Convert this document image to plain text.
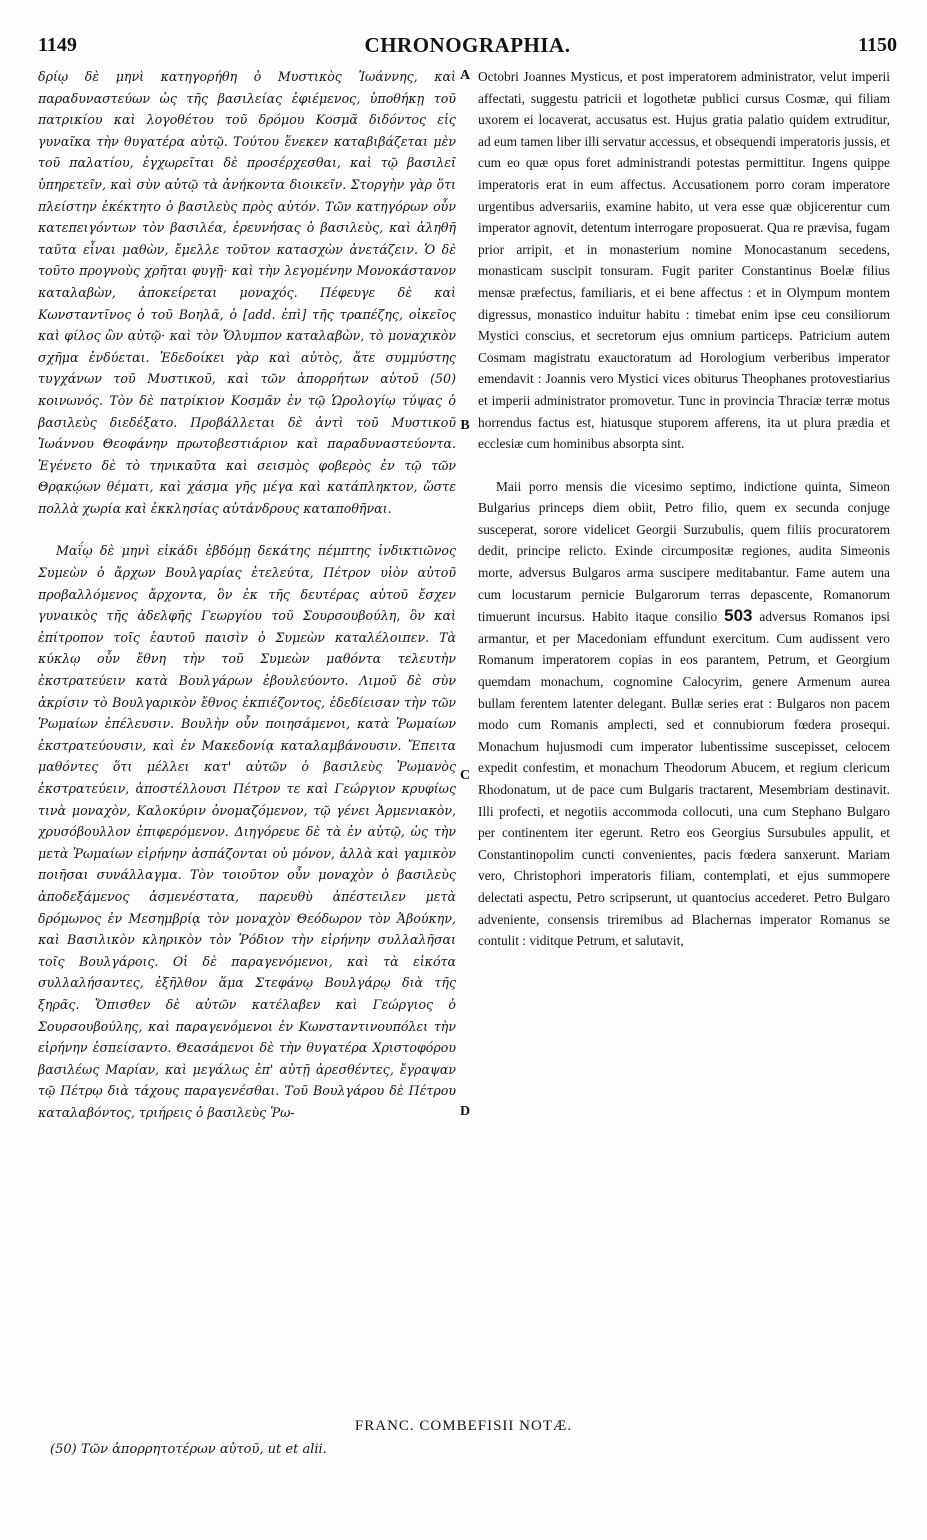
1149	CHRONOGRAPHIA.	1150

δρίῳ δὲ μηνὶ κατηγορήθη ὁ Μυστικὸς Ἰωάννης, καὶ παραδυναστεύων ὡς τῆς βασιλείας ἐφιέμενος, ὑποθήκῃ τοῦ πατρικίου καὶ λογοθέτου τοῦ δρόμου Κοσμᾶ διδόντος εἰς γυναῖκα τὴν θυγατέρα αὐτῷ. Τούτου ἕνεκεν καταβιβάζεται μὲν τοῦ παλατίου, ἐγχωρεῖται δὲ προσέρχεσθαι, καὶ τῷ βασιλεῖ ὑπηρετεῖν, καὶ σὺν αὐτῷ τὰ ἀνήκοντα διοικεῖν. Στοργὴν γὰρ ὅτι πλείστην ἐκέκτητο ὁ βασιλεὺς πρὸς αὐτόν. Τῶν κατηγόρων οὖν κατεπειγόντων τὸν βασιλέα, ἐρευνήσας ὁ βασιλεὺς, καὶ ἀληθῆ ταῦτα εἶναι μαθὼν, ἔμελλε τοῦτον κατασχὼν ἀνετάζειν. Ὁ δὲ τοῦτο προγνοὺς χρῆται φυγῇ· καὶ τὴν λεγομένην Μονοκάστανον καταλαβὼν, ἀποκείρεται μοναχός. Πέφευγε δὲ καὶ Κωνσταντῖνος ὁ τοῦ Βοηλᾶ, ὁ [add. ἐπὶ] τῆς τραπέζης, οἰκεῖος καὶ φίλος ὢν αὐτῷ· καὶ τὸν Ὄλυμπον καταλαβὼν, τὸ μοναχικὸν σχῆμα ἐνδύεται. Ἐδεδοίκει γὰρ καὶ αὐτὸς, ἅτε συμμύστης τυγχάνων τοῦ Μυστικοῦ, καὶ τῶν ἀπορρήτων αὐτοῦ (50) κοινωνός. Τὸν δὲ πατρίκιον Κοσμᾶν ἐν τῷ Ὡρολογίῳ τύψας ὁ βασιλεὺς διεδέξατο. Προβάλλεται δὲ ἀντὶ τοῦ Μυστικοῦ Ἰωάννου Θεοφάνην πρωτοβεστιάριον καὶ παραδυναστεύοντα. Ἐγένετο δὲ τὸ τηνικαῦτα καὶ σεισμὸς φοβερὸς ἐν τῷ τῶν Θρᾳκῴων θέματι, καὶ χάσμα γῆς μέγα καὶ κατάπληκτον, ὥστε πολλὰ χωρία καὶ ἐκκλησίας αὐτάνδρους καταποθῆναι.

Μαΐῳ δὲ μηνὶ εἰκάδι ἑβδόμῃ δεκάτης πέμπτης ἰνδικτιῶνος Συμεὼν ὁ ἄρχων Βουλγαρίας ἐτελεύτα, Πέτρον υἱὸν αὐτοῦ προβαλλόμενος ἄρχοντα, ὃν ἐκ τῆς δευτέρας αὐτοῦ ἔσχεν γυναικὸς τῆς ἀδελφῆς Γεωργίου τοῦ Σουρσουβούλη, ὃν καὶ ἐπίτροπον τοῖς ἑαυτοῦ παισὶν ὁ Συμεὼν καταλέλοιπεν. Τὰ κύκλῳ οὖν ἔθνη τὴν τοῦ Συμεὼν μαθόντα τελευτὴν ἐκστρατεύειν κατὰ Βουλγάρων ἐβουλεύοντο. Λιμοῦ δὲ σὺν ἀκρίσιν τὸ Βουλγαρικὸν ἔθνος ἐκπιέζοντος, ἐδεδίεισαν τὴν τῶν Ῥωμαίων ἐπέλευσιν. Βουλὴν οὖν ποιησάμενοι, κατὰ Ῥωμαίων ἐκστρατεύουσιν, καὶ ἐν Μακεδονίᾳ καταλαμβάνουσιν. Ἔπειτα μαθόντες ὅτι μέλλει κατ' αὐτῶν ὁ βασιλεὺς Ῥωμανὸς ἐκστρατεύειν, ἀποστέλλουσι Πέτρον τε καὶ Γεώργιον κρυφίως τινὰ μοναχὸν, Καλοκύριν ὀνομαζόμενον, τῷ γένει Ἀρμενιακὸν, χρυσόβουλλον ἐπιφερόμενον. Διηγόρευε δὲ τὰ ἐν αὐτῷ, ὡς τὴν μετὰ Ῥωμαίων εἰρήνην ἀσπάζονται οὐ μόνον, ἀλλὰ καὶ γαμικὸν ποιῆσαι συνάλλαγμα. Τὸν τοιοῦτον οὖν μοναχὸν ὁ βασιλεὺς ἀποδεξάμενος ἀσμενέστατα, παρευθὺ ἀπέστειλεν μετὰ δρόμωνος ἐν Μεσημβρίᾳ τὸν μοναχὸν Θεόδωρον τὸν Ἀβούκην, καὶ Βασιλικὸν κληρικὸν τὸν Ῥόδιον τὴν εἰρήνην συλλαλῆσαι τοῖς Βουλγάροις. Οἱ δὲ παραγενόμενοι, καὶ τὰ εἰκότα συλλαλήσαντες, ἐξῆλθον ἅμα Στεφάνῳ Βουλγάρῳ διὰ τῆς ξηρᾶς. Ὄπισθεν δὲ αὐτῶν κατέλαβεν καὶ Γεώργιος ὁ Σουρσουβούλης, καὶ παραγενόμενοι ἐν Κωνσταντινουπόλει τὴν εἰρήνην ἐσπείσαντο. Θεασάμενοι δὲ τὴν θυγατέρα Χριστοφόρου βασιλέως Μαρίαν, καὶ μεγάλως ἐπ' αὐτῇ ἀρεσθέντες, ἔγραψαν τῷ Πέτρῳ διὰ τάχους παραγενέσθαι. Τοῦ Βουλγάρου δὲ Πέτρου καταλαβόντος, τριήρεις ὁ βασιλεὺς Ῥω-

A
B
C
D

Octobri Joannes Mysticus, et post imperatorem administrator, velut imperii affectati, suggestu patricii et logothetæ publici cursus Cosmæ, qui filiam uxorem ei locaverat, accusatus est. Hujus gratia palatio quidem extruditur, ad eum tamen liber illi servatur accessus, et obsequendi imperatoris jussis, et cum eo quæ opus foret administrandi potestas permittitur. Ingens quippe imperatoris erat in eum affectus. Accusationem porro coram imperatore urgentibus adversariis, examine habito, ut vera esse quæ objicerentur cum imperator agnovit, detentum interrogare proposuerat. Qua re prævisa, fugam prior arripit, et in monasterium nomine Monocastanum secedens, monasticam suscipit tonsuram. Fugit pariter Constantinus Boelæ filius mensæ præfectus, familiaris, et ei bene affectus : et in Olympum montem digressus, monastico induitur habitu : timebat enim ipse ceu consiliorum Mystici conscius, et secretorum ejus omnium particeps. Patricium autem Cosmam magistratu exauctoratum ad Horologium verberibus imperator emendavit : Joannis vero Mystici vices obiturus Theophanes protovestiarius et imperii administrator promovetur. Tunc in provincia Thraciæ terræ motus horrendus factus est, hiatusque stuporem afferens, ita ut plura prædia et ecclesiæ cum hominibus absorpta sint.

Maii porro mensis die vicesimo septimo, indictione quinta, Simeon Bulgarius princeps diem obiit, Petro filio, quem ex secunda conjuge susceperat, sorore videlicet Georgii Surzubulis, quem filiis procuratorem dedit, principe relicto. Exinde circumpositæ regiones, audita Simeonis morte, adversus Bulgaros arma suscipere meditabantur. Fame autem una cum locustarum pernicie Bulgarorum terras depascente, Romanorum timuerunt incursus. Habito itaque consilio 503 adversus Romanos ipsi armantur, et per Macedoniam effundunt exercitum. Cum audissent vero Romanum imperatorem copias in eos parantem, Petrum, et Georgium quemdam monachum, cognomine Calocyrim, genere Armenum aurea bullam ferentem latenter delegant. Bullæ series erat : Bulgaros non pacem modo cum Romanis amplecti, sed et connubiorum fœdera prosequi. Monachum hujusmodi cum imperator lubentissime suscepisset, celocem expedit confestim, et monachum Theodorum Abucem, et regium clericum Rhodonatum, ut de pace cum Bulgaris tractarent, Mesembriam destinavit. Illi profecti, et negotiis accommoda collocuti, una cum Stephano Bulgaro per continentem iter egerunt. Retro eos Georgius Sursubules appulit, et Constantinopolim cuncti convenientes, pacis fœdera sanxerunt. Mariam vero, Christophori imperatoris filiam, contemplati, et ejus summopere delectati aspectu, Petro scripserunt, ut quantocius accederet. Petro Bulgaro adveniente, consensis triremibus ad Blachernas imperator Romanus se contulit : viditque Petrum, et salutavit,

FRANC. COMBEFISII NOTÆ.
(50) Τῶν ἀπορρητοτέρων αὐτοῦ, ut et alii.
